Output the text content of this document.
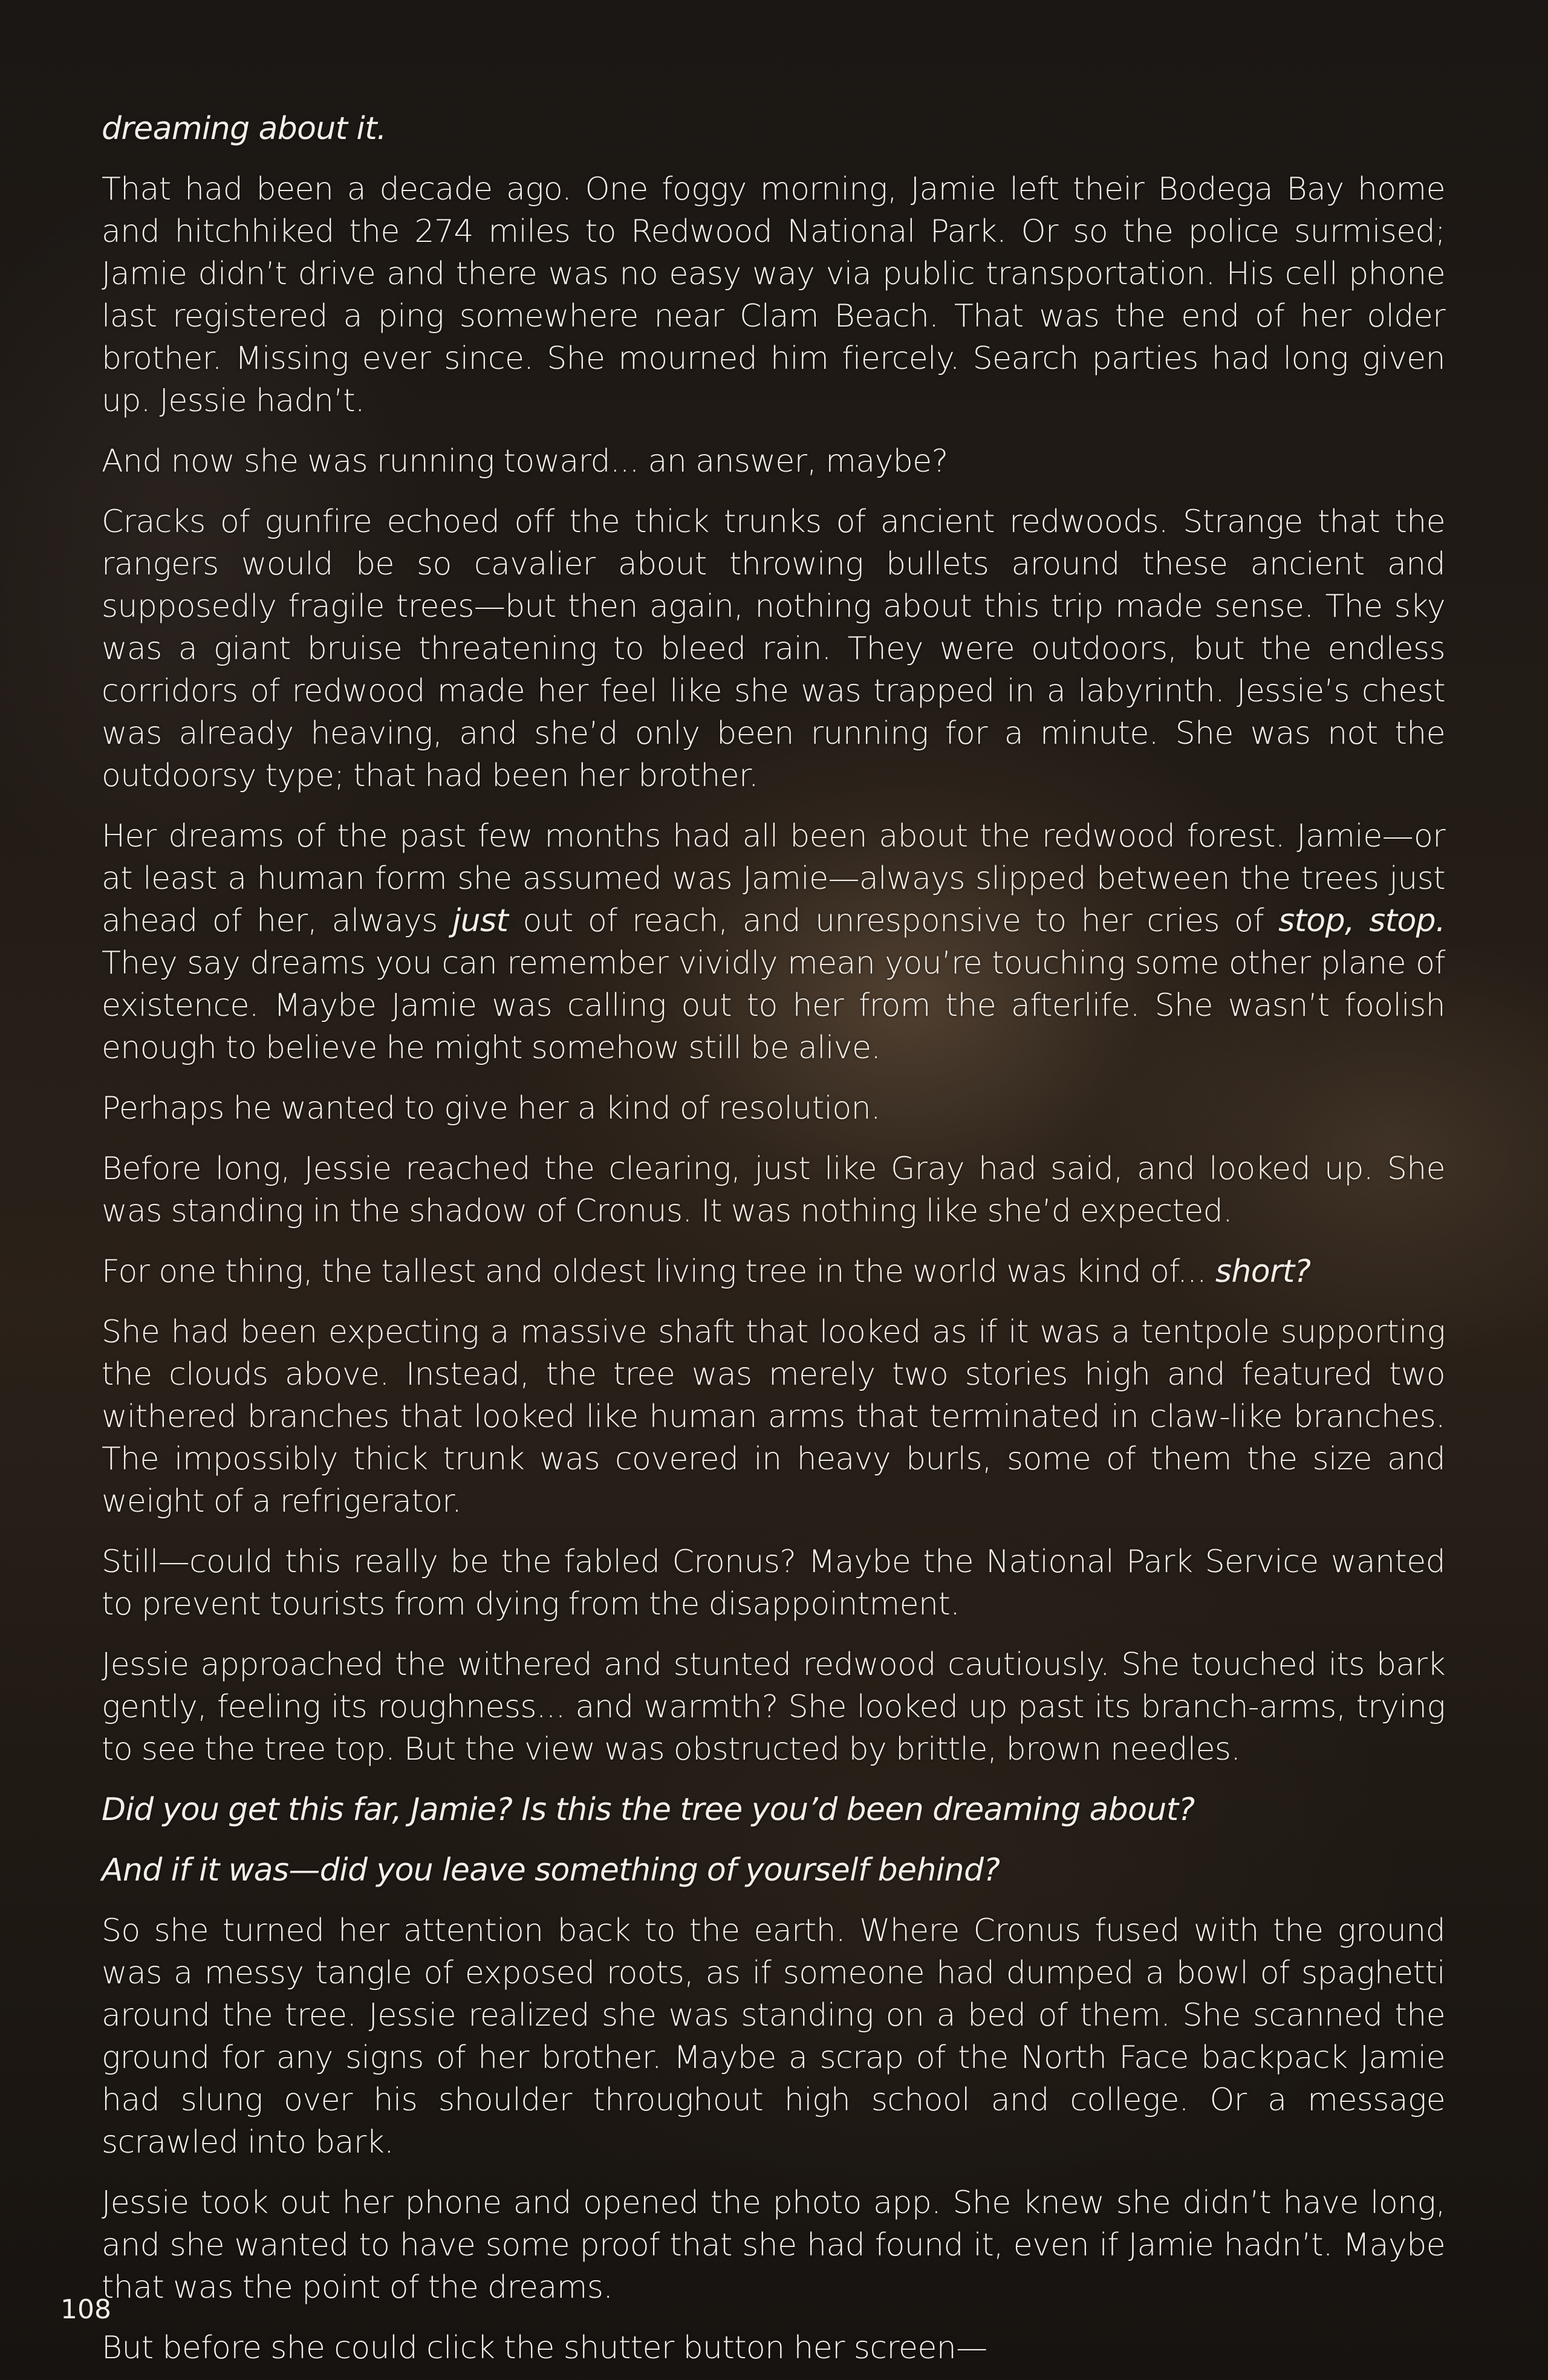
dreaming about it.

That had been a decade ago. One foggy morning, Jamie left their Bodega Bay home and hitchhiked the 274 miles to Redwood National Park. Or so the police surmised; Jamie didn’t drive and there was no easy way via public transportation. His cell phone last registered a ping somewhere near Clam Beach. That was the end of her older brother. Missing ever since. She mourned him fiercely. Search parties had long given up. Jessie hadn’t.

And now she was running toward... an answer, maybe?

Cracks of gunfire echoed off the thick trunks of ancient redwoods. Strange that the rangers would be so cavalier about throwing bullets around these ancient and supposedly fragile trees—but then again, nothing about this trip made sense. The sky was a giant bruise threatening to bleed rain. They were outdoors, but the endless corridors of redwood made her feel like she was trapped in a labyrinth. Jessie’s chest was already heaving, and she’d only been running for a minute. She was not the outdoorsy type; that had been her brother.

Her dreams of the past few months had all been about the redwood forest. Jamie—or at least a human form she assumed was Jamie—always slipped between the trees just ahead of her, always just out of reach, and unresponsive to her cries of stop, stop. They say dreams you can remember vividly mean you’re touching some other plane of existence. Maybe Jamie was calling out to her from the afterlife. She wasn’t foolish enough to believe he might somehow still be alive.

Perhaps he wanted to give her a kind of resolution.

Before long, Jessie reached the clearing, just like Gray had said, and looked up. She was standing in the shadow of Cronus. It was nothing like she’d expected.

For one thing, the tallest and oldest living tree in the world was kind of... short?

She had been expecting a massive shaft that looked as if it was a tentpole supporting the clouds above. Instead, the tree was merely two stories high and featured two withered branches that looked like human arms that terminated in claw-like branches. The impossibly thick trunk was covered in heavy burls, some of them the size and weight of a refrigerator.

Still—could this really be the fabled Cronus? Maybe the National Park Service wanted to prevent tourists from dying from the disappointment.

Jessie approached the withered and stunted redwood cautiously. She touched its bark gently, feeling its roughness... and warmth? She looked up past its branch-arms, trying to see the tree top. But the view was obstructed by brittle, brown needles.

Did you get this far, Jamie? Is this the tree you’d been dreaming about?

And if it was—did you leave something of yourself behind?

So she turned her attention back to the earth. Where Cronus fused with the ground was a messy tangle of exposed roots, as if someone had dumped a bowl of spaghetti around the tree. Jessie realized she was standing on a bed of them. She scanned the ground for any signs of her brother. Maybe a scrap of the North Face backpack Jamie had slung over his shoulder throughout high school and college. Or a message scrawled into bark.

Jessie took out her phone and opened the photo app. She knew she didn’t have long, and she wanted to have some proof that she had found it, even if Jamie hadn’t. Maybe that was the point of the dreams.

But before she could click the shutter button her screen—

108
